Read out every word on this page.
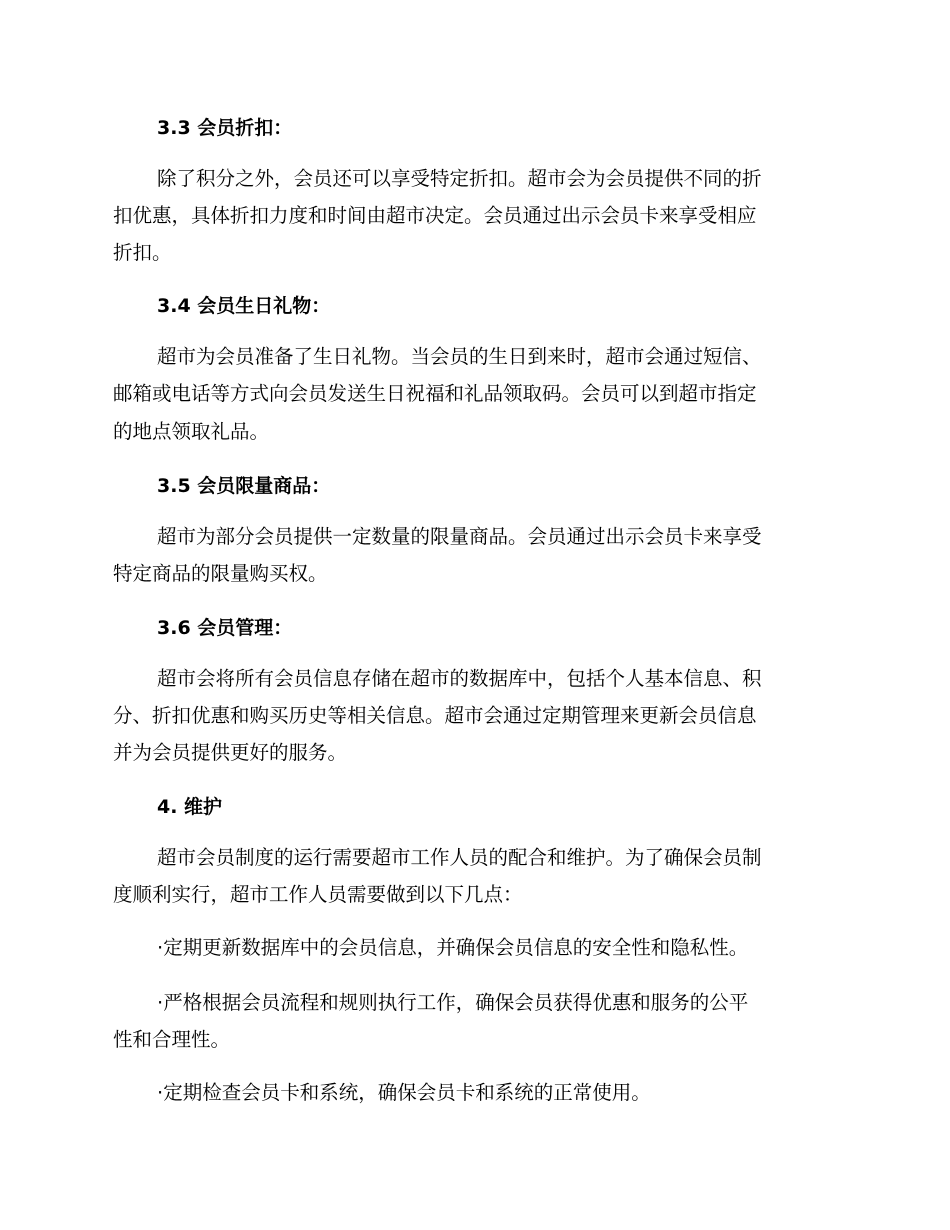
3.3 会员折扣：
除了积分之外，会员还可以享受特定折扣。超市会为会员提供不同的折
扣优惠，具体折扣力度和时间由超市决定。会员通过出示会员卡来享受相应
折扣。
3.4 会员生日礼物：
超市为会员准备了生日礼物。当会员的生日到来时，超市会通过短信、
邮箱或电话等方式向会员发送生日祝福和礼品领取码。会员可以到超市指定
的地点领取礼品。
3.5 会员限量商品：
超市为部分会员提供一定数量的限量商品。会员通过出示会员卡来享受
特定商品的限量购买权。
3.6 会员管理：
超市会将所有会员信息存储在超市的数据库中，包括个人基本信息、积
分、折扣优惠和购买历史等相关信息。超市会通过定期管理来更新会员信息
并为会员提供更好的服务。
4. 维护
超市会员制度的运行需要超市工作人员的配合和维护。为了确保会员制
度顺利实行，超市工作人员需要做到以下几点：
·定期更新数据库中的会员信息，并确保会员信息的安全性和隐私性。
·严格根据会员流程和规则执行工作，确保会员获得优惠和服务的公平
性和合理性。
·定期检查会员卡和系统，确保会员卡和系统的正常使用。
